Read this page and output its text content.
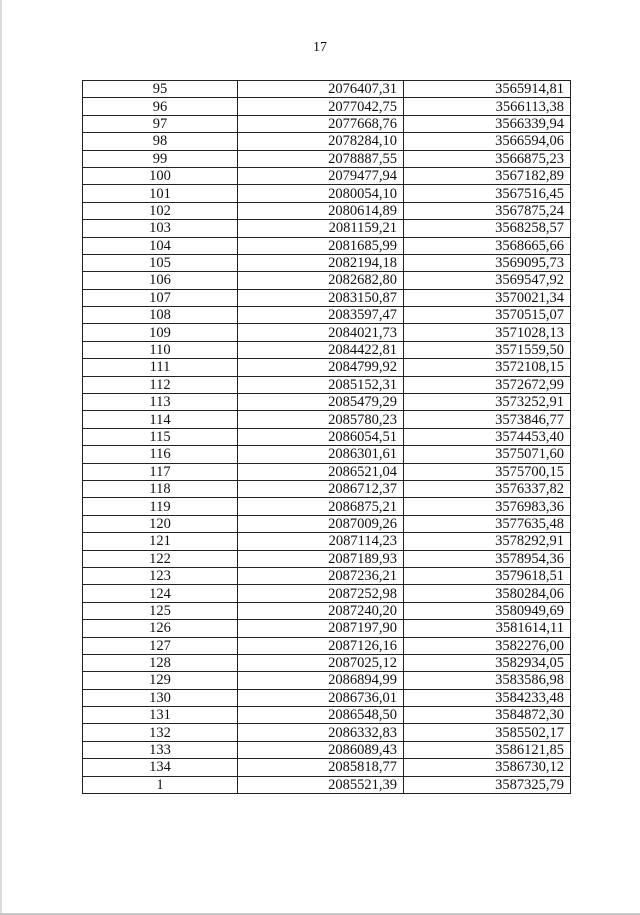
17
95	2076407,31	3565914,81
96	2077042,75	3566113,38
97	2077668,76	3566339,94
98	2078284,10	3566594,06
99	2078887,55	3566875,23
100	2079477,94	3567182,89
101	2080054,10	3567516,45
102	2080614,89	3567875,24
103	2081159,21	3568258,57
104	2081685,99	3568665,66
105	2082194,18	3569095,73
106	2082682,80	3569547,92
107	2083150,87	3570021,34
108	2083597,47	3570515,07
109	2084021,73	3571028,13
110	2084422,81	3571559,50
111	2084799,92	3572108,15
112	2085152,31	3572672,99
113	2085479,29	3573252,91
114	2085780,23	3573846,77
115	2086054,51	3574453,40
116	2086301,61	3575071,60
117	2086521,04	3575700,15
118	2086712,37	3576337,82
119	2086875,21	3576983,36
120	2087009,26	3577635,48
121	2087114,23	3578292,91
122	2087189,93	3578954,36
123	2087236,21	3579618,51
124	2087252,98	3580284,06
125	2087240,20	3580949,69
126	2087197,90	3581614,11
127	2087126,16	3582276,00
128	2087025,12	3582934,05
129	2086894,99	3583586,98
130	2086736,01	3584233,48
131	2086548,50	3584872,30
132	2086332,83	3585502,17
133	2086089,43	3586121,85
134	2085818,77	3586730,12
1	2085521,39	3587325,79
